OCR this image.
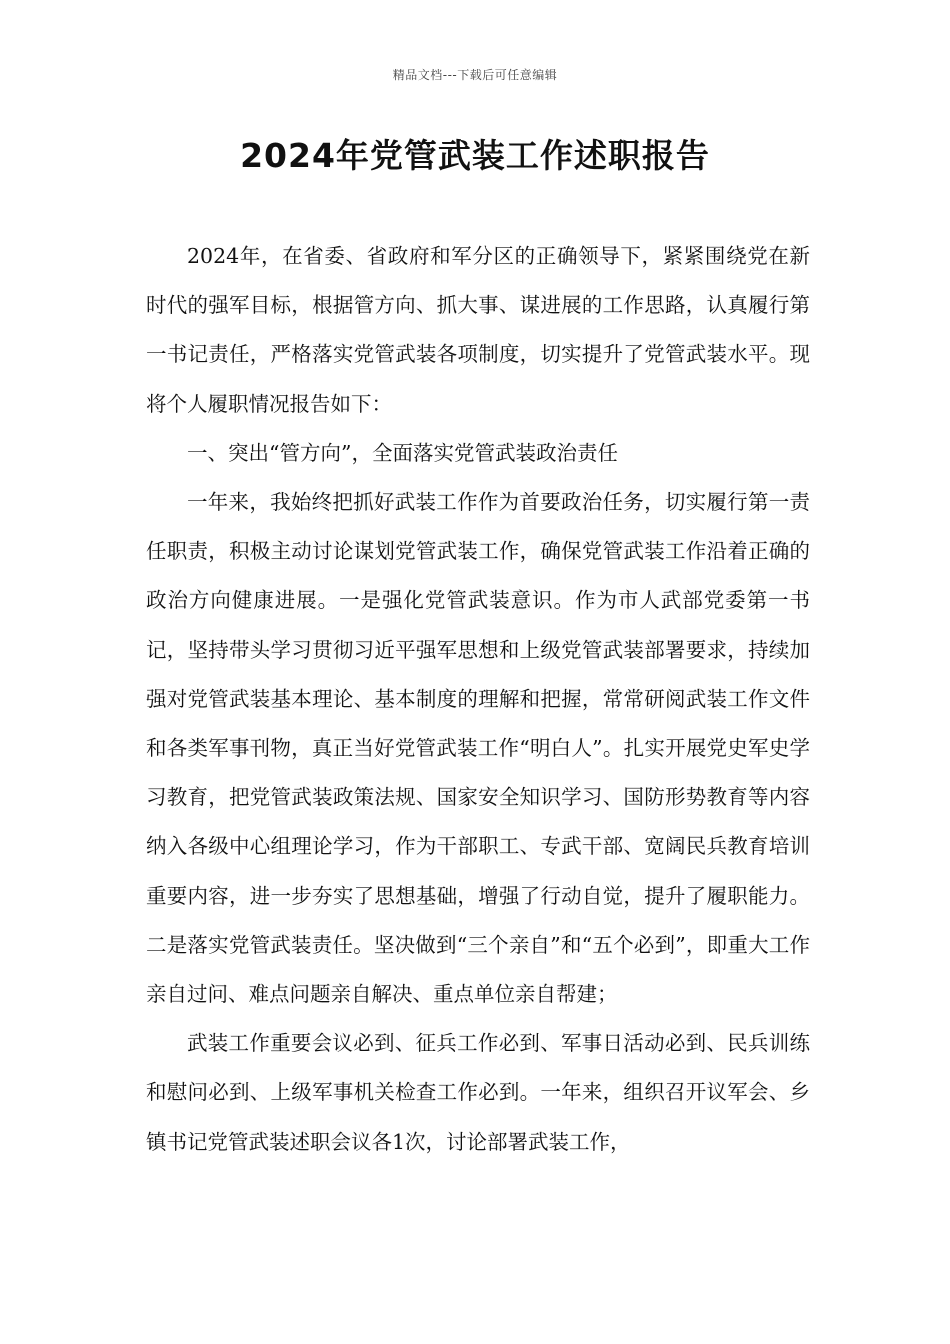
精品文档---下载后可任意编辑
2024年党管武装工作述职报告

2024年，在省委、省政府和军分区的正确领导下，紧紧围绕党在新时代的强军目标，根据管方向、抓大事、谋进展的工作思路，认真履行第一书记责任，严格落实党管武装各项制度，切实提升了党管武装水平。现将个人履职情况报告如下：

一、突出“管方向”，全面落实党管武装政治责任

一年来，我始终把抓好武装工作作为首要政治任务，切实履行第一责任职责，积极主动讨论谋划党管武装工作，确保党管武装工作沿着正确的政治方向健康进展。一是强化党管武装意识。作为市人武部党委第一书记，坚持带头学习贯彻习近平强军思想和上级党管武装部署要求，持续加强对党管武装基本理论、基本制度的理解和把握，常常研阅武装工作文件和各类军事刊物，真正当好党管武装工作“明白人”。扎实开展党史军史学习教育，把党管武装政策法规、国家安全知识学习、国防形势教育等内容纳入各级中心组理论学习，作为干部职工、专武干部、宽阔民兵教育培训重要内容，进一步夯实了思想基础，增强了行动自觉，提升了履职能力。二是落实党管武装责任。坚决做到“三个亲自”和“五个必到”，即重大工作亲自过问、难点问题亲自解决、重点单位亲自帮建；

武装工作重要会议必到、征兵工作必到、军事日活动必到、民兵训练和慰问必到、上级军事机关检查工作必到。一年来，组织召开议军会、乡镇书记党管武装述职会议各1次，讨论部署武装工作，
